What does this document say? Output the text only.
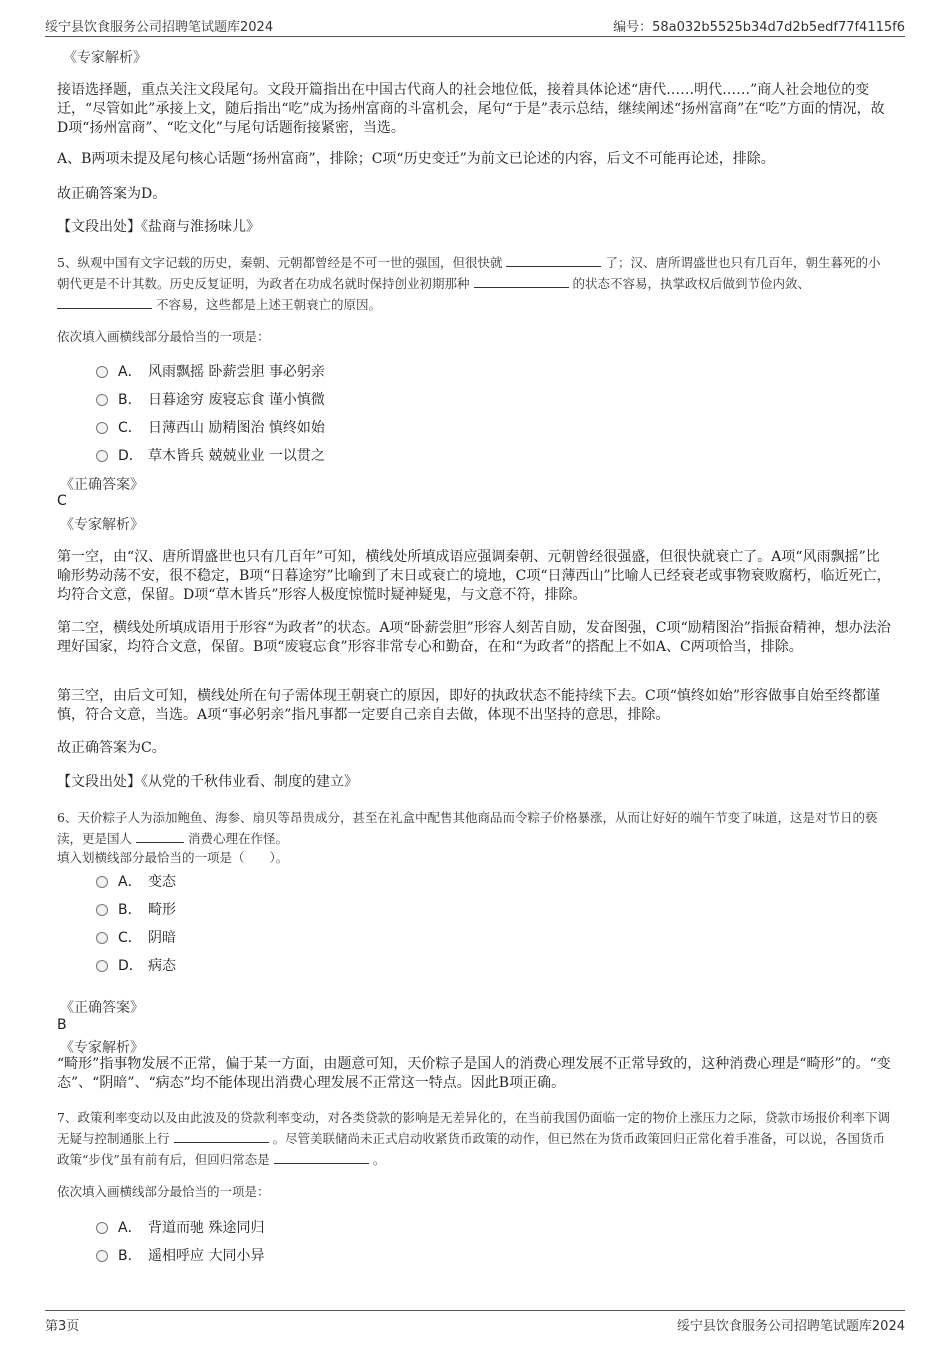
绥宁县饮食服务公司招聘笔试题库2024	编号：58a032b5525b34d7d2b5edf77f4115f6
《专家解析》
接语选择题，重点关注文段尾句。文段开篇指出在中国古代商人的社会地位低，接着具体论述“唐代……明代……”商人社会地位的变迁，“尽管如此”承接上文，随后指出“吃”成为扬州富商的斗富机会，尾句“于是”表示总结，继续阐述“扬州富商”在“吃”方面的情况，故D项“扬州富商”、“吃文化”与尾句话题衔接紧密，当选。
A、B两项未提及尾句核心话题“扬州富商”，排除；C项“历史变迁”为前文已论述的内容，后文不可能再论述，排除。
故正确答案为D。
【文段出处】《盐商与淮扬味儿》
5、纵观中国有文字记载的历史，秦朝、元朝都曾经是不可一世的强国，但很快就	了；汉、唐所谓盛世也只有几百年，朝生暮死的小朝代更是不计其数。历史反复证明，为政者在功成名就时保持创业初期那种	的状态不容易，执掌政权后做到节俭内敛、  不容易，这些都是上述王朝衰亡的原因。
依次填入画横线部分最恰当的一项是：
A． 风雨飘摇 卧薪尝胆 事必躬亲
B． 日暮途穷 废寝忘食 谨小慎微
C． 日薄西山 励精图治 慎终如始
D． 草木皆兵 兢兢业业 一以贯之
《正确答案》
C
《专家解析》
第一空，由“汉、唐所谓盛世也只有几百年”可知，横线处所填成语应强调秦朝、元朝曾经很强盛，但很快就衰亡了。A项“风雨飘摇”比喻形势动荡不安，很不稳定，B项“日暮途穷”比喻到了末日或衰亡的境地，C项“日薄西山”比喻人已经衰老或事物衰败腐朽，临近死亡，均符合文意，保留。D项“草木皆兵”形容人极度惊慌时疑神疑鬼，与文意不符，排除。
第二空，横线处所填成语用于形容“为政者”的状态。A项“卧薪尝胆”形容人刻苦自励，发奋图强，C项“励精图治”指振奋精神，想办法治理好国家，均符合文意，保留。B项“废寝忘食”形容非常专心和勤奋，在和“为政者”的搭配上不如A、C两项恰当，排除。
第三空，由后文可知，横线处所在句子需体现王朝衰亡的原因，即好的执政状态不能持续下去。C项“慎终如始”形容做事自始至终都谨慎，符合文意，当选。A项“事必躬亲”指凡事都一定要自己亲自去做，体现不出坚持的意思，排除。
故正确答案为C。
【文段出处】《从党的千秋伟业看、制度的建立》
6、天价粽子人为添加鲍鱼、海参、扇贝等昂贵成分，甚至在礼盒中配售其他商品而令粽子价格暴涨，从而让好好的端午节变了味道，这是对节日的亵渎，更是国人	消费心理在作怪。
填入划横线部分最恰当的一项是（　　）。
A． 变态
B． 畸形
C． 阴暗
D． 病态
《正确答案》
B
《专家解析》
“畸形”指事物发展不正常，偏于某一方面，由题意可知，天价粽子是国人的消费心理发展不正常导致的，这种消费心理是“畸形”的。“变态”、“阴暗”、“病态”均不能体现出消费心理发展不正常这一特点。因此B项正确。
7、政策利率变动以及由此波及的贷款利率变动，对各类贷款的影响是无差异化的，在当前我国仍面临一定的物价上涨压力之际，贷款市场报价利率下调无疑与控制通胀上行	。尽管美联储尚未正式启动收紧货币政策的动作，但已然在为货币政策回归正常化着手准备，可以说，各国货币政策“步伐”虽有前有后，但回归常态是	。
依次填入画横线部分最恰当的一项是：
A． 背道而驰 殊途同归
B． 遥相呼应 大同小异
第3页	绥宁县饮食服务公司招聘笔试题库2024
